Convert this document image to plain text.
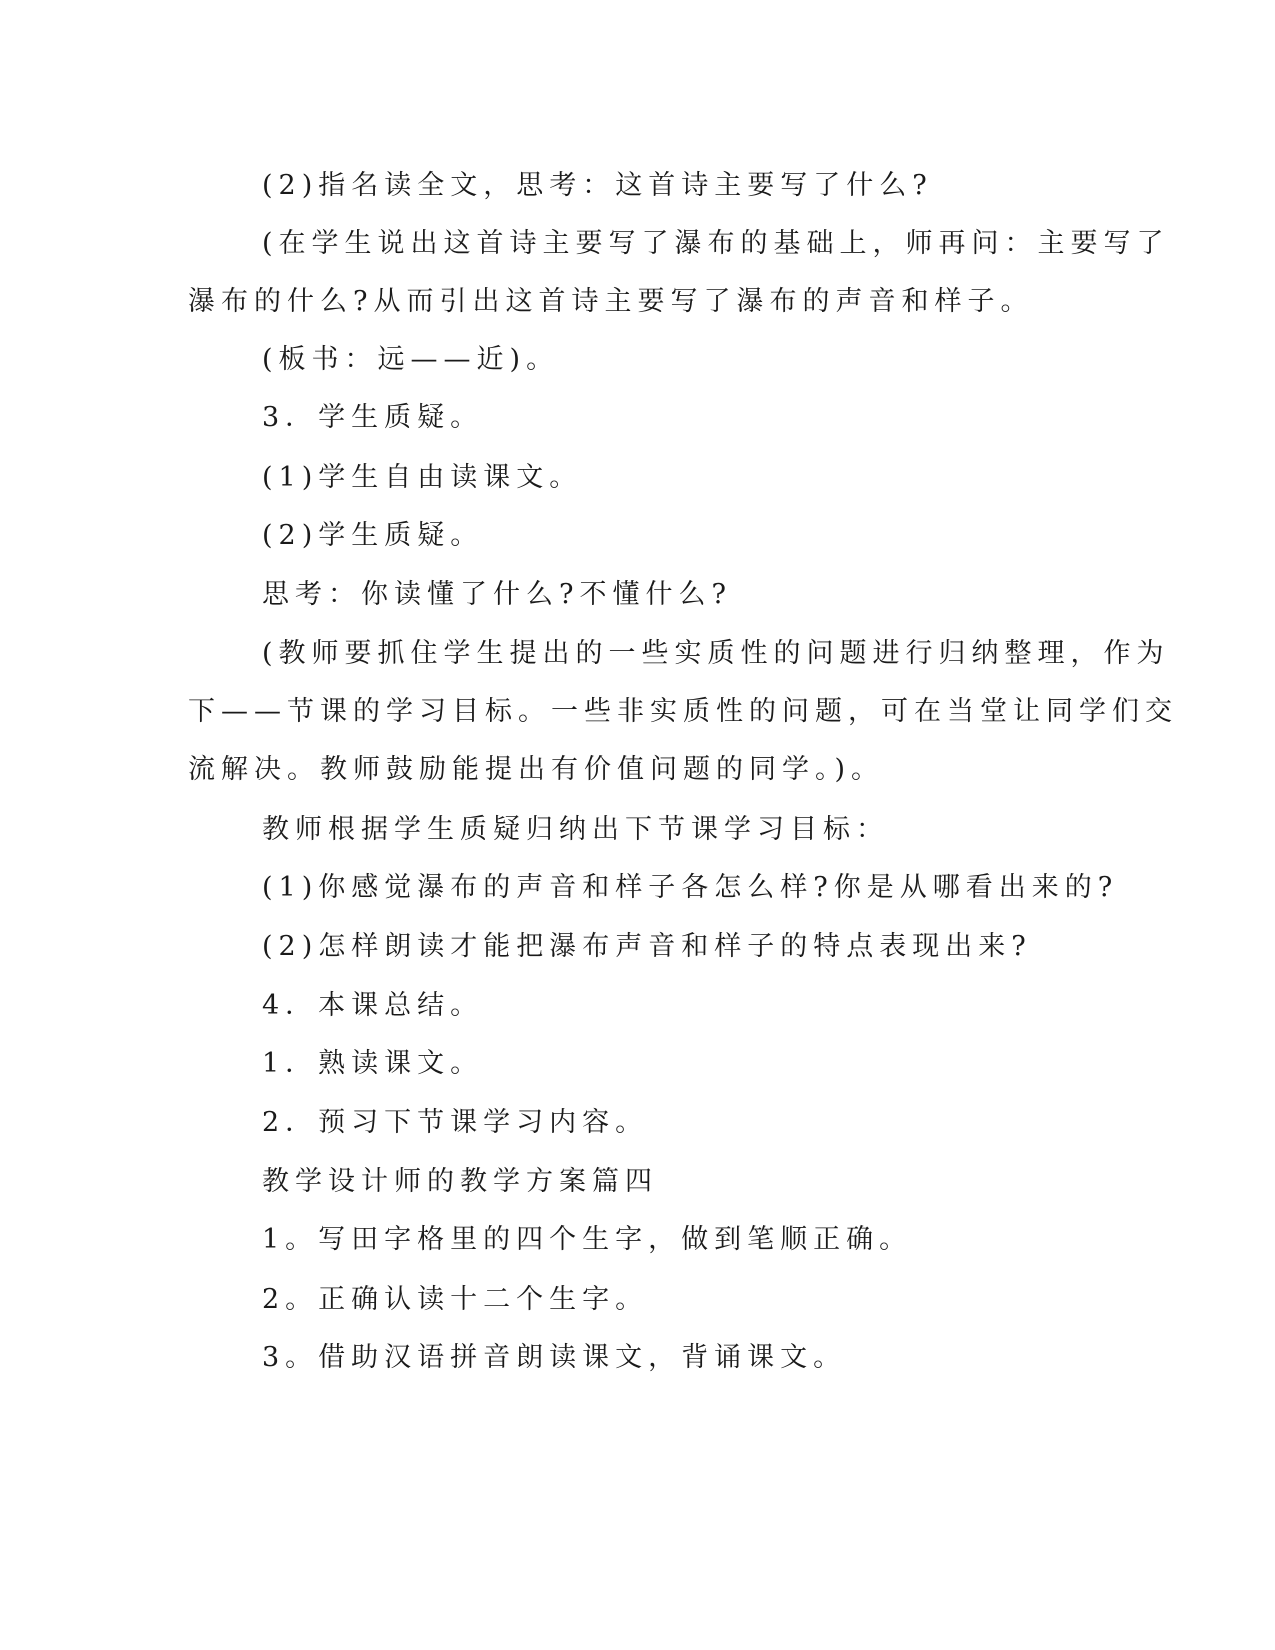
(2)指名读全文，思考：这首诗主要写了什么?
(在学生说出这首诗主要写了瀑布的基础上，师再问：主要写了
瀑布的什么?从而引出这首诗主要写了瀑布的声音和样子。
(板书：远——近)。
3．学生质疑。
(1)学生自由读课文。
(2)学生质疑。
思考：你读懂了什么?不懂什么?
(教师要抓住学生提出的一些实质性的问题进行归纳整理，作为
下——节课的学习目标。一些非实质性的问题，可在当堂让同学们交
流解决。教师鼓励能提出有价值问题的同学。)。
教师根据学生质疑归纳出下节课学习目标：
(1)你感觉瀑布的声音和样子各怎么样?你是从哪看出来的?
(2)怎样朗读才能把瀑布声音和样子的特点表现出来?
4．本课总结。
1．熟读课文。
2．预习下节课学习内容。
教学设计师的教学方案篇四
1。写田字格里的四个生字，做到笔顺正确。
2。正确认读十二个生字。
3。借助汉语拼音朗读课文，背诵课文。
